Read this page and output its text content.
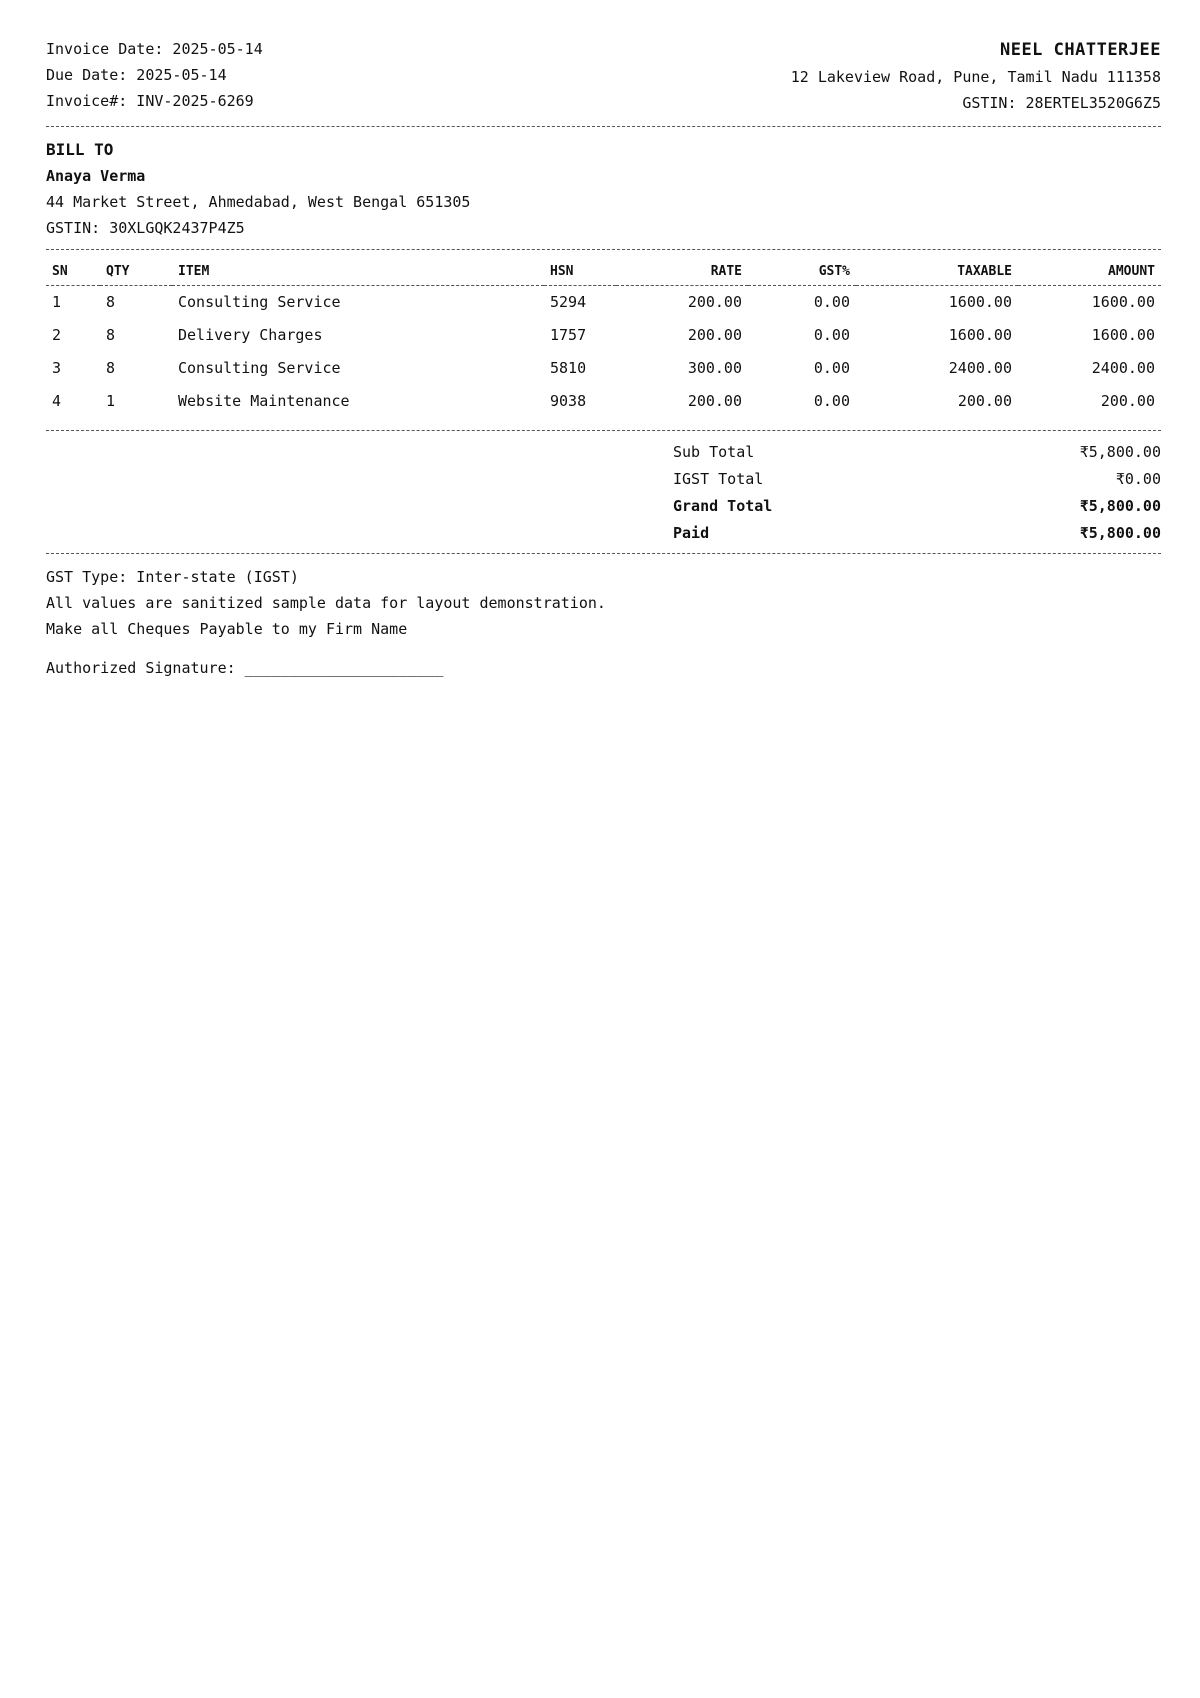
Invoice Date: 2025-05-14
Due Date: 2025-05-14
Invoice#: INV-2025-6269
NEEL CHATTERJEE
12 Lakeview Road, Pune, Tamil Nadu 111358
GSTIN: 28ERTEL3520G6Z5
BILL TO
Anaya Verma
44 Market Street, Ahmedabad, West Bengal 651305
GSTIN: 30XLGQK2437P4Z5
SN	QTY	ITEM	HSN	RATE	GST%	TAXABLE	AMOUNT
1	8	Consulting Service	5294	200.00	0.00	1600.00	1600.00
2	8	Delivery Charges	1757	200.00	0.00	1600.00	1600.00
3	8	Consulting Service	5810	300.00	0.00	2400.00	2400.00
4	1	Website Maintenance	9038	200.00	0.00	200.00	200.00
Sub Total	₹5,800.00
IGST Total	₹0.00
Grand Total	₹5,800.00
Paid	₹5,800.00
GST Type: Inter-state (IGST)
All values are sanitized sample data for layout demonstration.
Make all Cheques Payable to my Firm Name
Authorized Signature: ______________________
